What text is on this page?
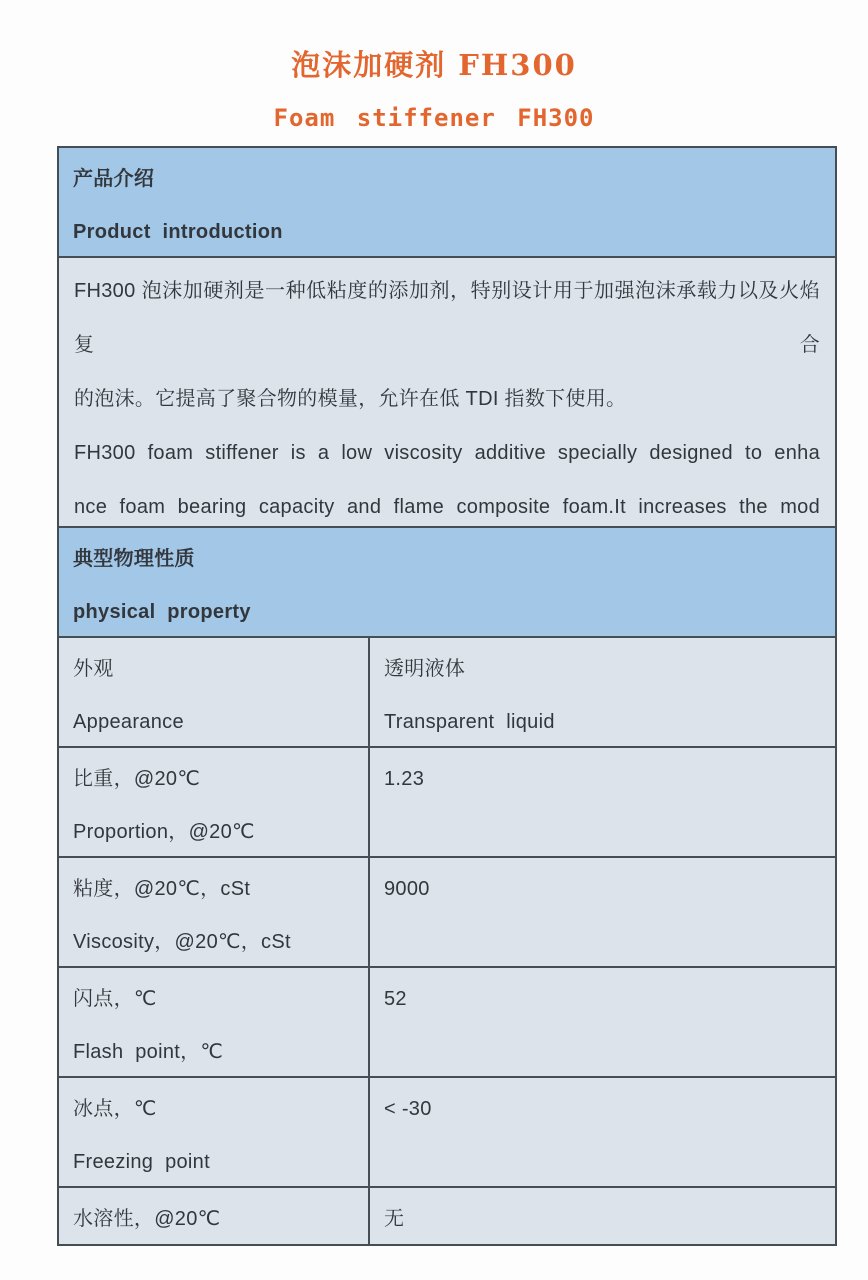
泡沫加硬剂 FH300
Foam stiffener FH300
产品介绍
Product introduction
FH300 泡沫加硬剂是一种低粘度的添加剂，特别设计用于加强泡沫承载力以及火焰复合
的泡沫。它提高了聚合物的模量，允许在低 TDI 指数下使用。
FH300 foam stiffener is a low viscosity additive specially designed to enha
nce foam bearing capacity and flame composite foam.It increases the mod
典型物理性质
physical property
外观
Appearance
透明液体
Transparent liquid
比重，@20℃
Proportion，@20℃
1.23
粘度，@20℃，cSt
Viscosity，@20℃，cSt
9000
闪点，℃
Flash point，℃
52
冰点，℃
Freezing point
< -30
水溶性，@20℃	无
